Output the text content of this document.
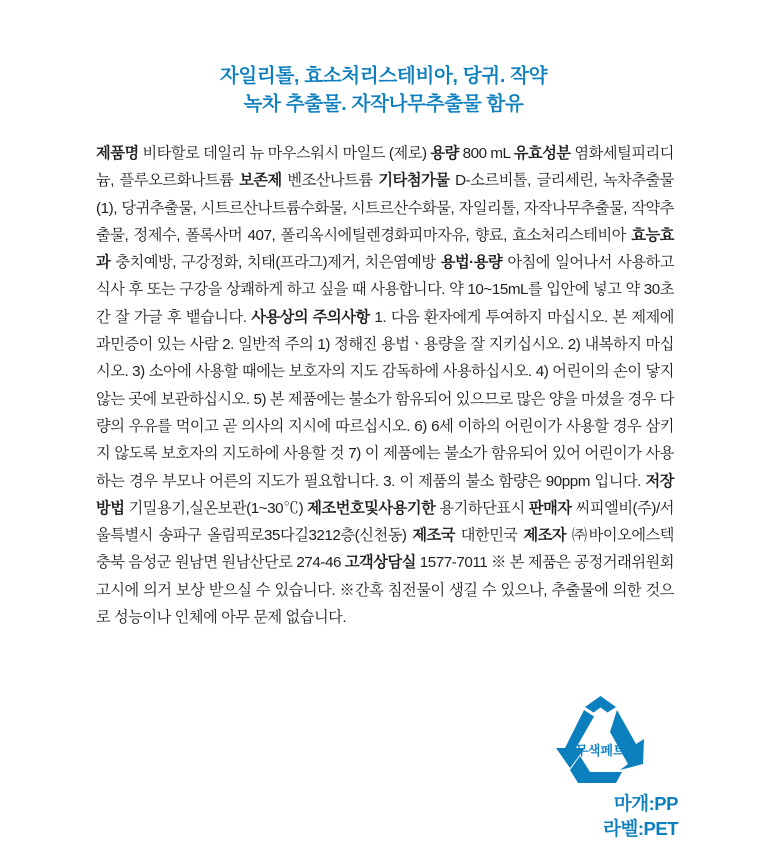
자일리톨, 효소처리스테비아, 당귀. 작약
녹차 추출물. 자작나무추출물 함유
제품명 비타할로 데일리 뉴 마우스워시 마일드 (제로) 용량 800 mL 유효성분 염화세틸피리디늄, 플루오르화나트륨 보존제 벤조산나트륨 기타첨가물 D-소르비톨, 글리세린, 녹차추출물(1), 당귀추출물, 시트르산나트륨수화물, 시트르산수화물, 자일리톨, 자작나무추출물, 작약추출물, 정제수, 폴록사머 407, 폴리옥시에틸렌경화피마자유, 향료, 효소처리스테비아 효능효과 충치예방, 구강정화, 치태(프라그)제거, 치은염예방 용법·용량 아침에 일어나서 사용하고 식사 후 또는 구강을 상쾌하게 하고 싶을 때 사용합니다. 약 10~15mL를 입안에 넣고 약 30초간 잘 가글 후 뱉습니다. 사용상의 주의사항 1. 다음 환자에게 투여하지 마십시오. 본 제제에 과민증이 있는 사람 2. 일반적 주의 1) 정해진 용법ㆍ용량을 잘 지키십시오. 2) 내복하지 마십시오. 3) 소아에 사용할 때에는 보호자의 지도 감독하에 사용하십시오. 4) 어린이의 손이 닿지 않는 곳에 보관하십시오. 5) 본 제품에는 불소가 함유되어 있으므로 많은 양을 마셨을 경우 다량의 우유를 먹이고 곧 의사의 지시에 따르십시오. 6) 6세 이하의 어린이가 사용할 경우 삼키지 않도록 보호자의 지도하에 사용할 것 7) 이 제품에는 불소가 함유되어 있어 어린이가 사용하는 경우 부모나 어른의 지도가 필요합니다. 3. 이 제품의 불소 함량은 90ppm 입니다. 저장방법 기밀용기,실온보관(1~30℃) 제조번호및사용기한 용기하단표시 판매자 씨피엘비(주)/서울특별시 송파구 올림픽로35다길3212층(신천동) 제조국 대한민국 제조자 ㈜바이오에스텍 충북 음성군 원남면 원남산단로 274-46 고객상담실 1577-7011 ※ 본 제품은 공정거래위원회 고시에 의거 보상 받으실 수 있습니다. ※간혹 침전물이 생길 수 있으나, 추출물에 의한 것으로 성능이나 인체에 아무 문제 없습니다.
무색페트
마개:PP
라벨:PET
